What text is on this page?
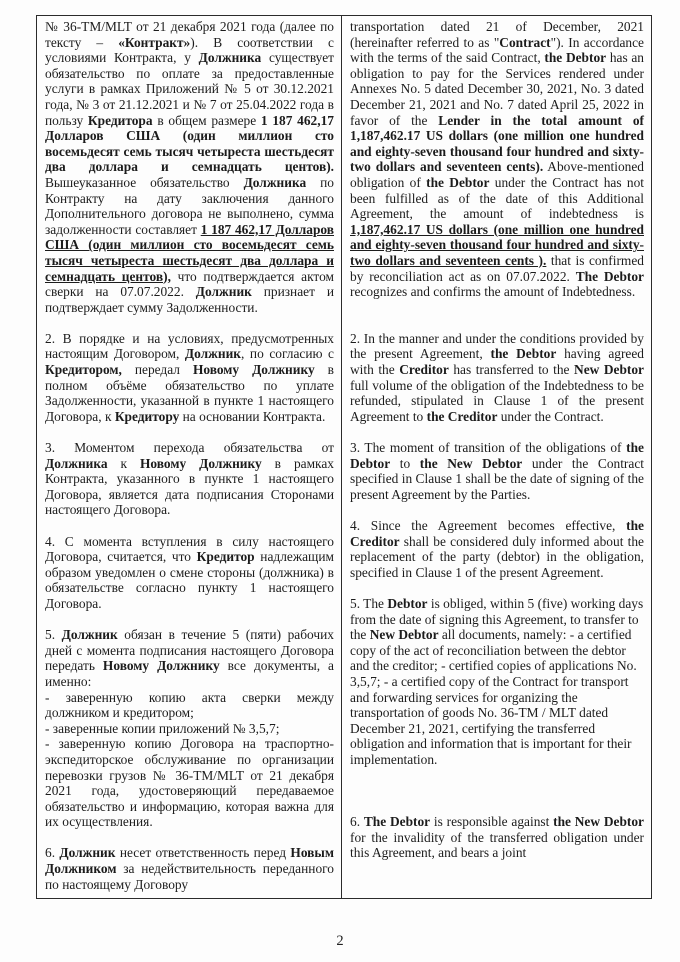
№ 36-TM/MLT от 21 декабря 2021 года (далее по тексту – «Контракт»). В соответствии с условиями Контракта, у Должника существует обязательство по оплате за предоставленные услуги в рамках Приложений № 5 от 30.12.2021 года, № 3 от 21.12.2021 и № 7 от 25.04.2022 года в пользу Кредитора в общем размере 1 187 462,17 Долларов США (один миллион сто восемьдесят семь тысяч четыреста шестьдесят два доллара и семнадцать центов). Вышеуказанное обязательство Должника по Контракту на дату заключения данного Дополнительного договора не выполнено, сумма задолженности составляет 1 187 462,17 Долларов США (один миллион сто восемьдесят семь тысяч четыреста шестьдесят два доллара и семнадцать центов), что подтверждается актом сверки на 07.07.2022. Должник признает и подтверждает сумму Задолженности.

2. В порядке и на условиях, предусмотренных настоящим Договором, Должник, по согласию с Кредитором, передал Новому Должнику в полном объёме обязательство по уплате Задолженности, указанной в пункте 1 настоящего Договора, к Кредитору на основании Контракта.

3. Моментом перехода обязательства от Должника к Новому Должнику в рамках Контракта, указанного в пункте 1 настоящего Договора, является дата подписания Сторонами настоящего Договора.

4. С момента вступления в силу настоящего Договора, считается, что Кредитор надлежащим образом уведомлен о смене стороны (должника) в обязательстве согласно пункту 1 настоящего Договора.

5. Должник обязан в течение 5 (пяти) рабочих дней с момента подписания настоящего Договора передать Новому Должнику все документы, а именно:

- заверенную копию акта сверки между должником и кредитором;

- заверенные копии приложений № 3,5,7;

- заверенную копию Договора на траспортно-экспедиторское обслуживание по организации перевозки грузов № 36-TM/MLT от 21 декабря 2021 года, удостоверяющий передаваемое обязательство и информацию, которая важна для их осуществления.

6. Должник несет ответственность перед Новым Должником за недействительность переданного по настоящему Договору

transportation dated 21 of December, 2021 (hereinafter referred to as "Contract"). In accordance with the terms of the said Contract, the Debtor has an obligation to pay for the Services rendered under Annexes No. 5 dated December 30, 2021, No. 3 dated December 21, 2021 and No. 7 dated April 25, 2022 in favor of the Lender in the total amount of 1,187,462.17 US dollars (one million one hundred and eighty-seven thousand four hundred and sixty-two dollars and seventeen cents). Above-mentioned obligation of the Debtor under the Contract has not been fulfilled as of the date of this Additional Agreement, the amount of indebtedness is 1,187,462.17 US dollars (one million one hundred and eighty-seven thousand four hundred and sixty-two dollars and seventeen cents ). that is confirmed by reconciliation act as on 07.07.2022. The Debtor recognizes and confirms the amount of Indebtedness.

2. In the manner and under the conditions provided by the present Agreement, the Debtor having agreed with the Creditor has transferred to the New Debtor full volume of the obligation of the Indebtedness to be refunded, stipulated in Clause 1 of the present Agreement to the Creditor under the Contract.

3. The moment of transition of the obligations of the Debtor to the New Debtor under the Contract specified in Clause 1 shall be the date of signing of the present Agreement by the Parties.

4. Since the Agreement becomes effective, the Creditor shall be considered duly informed about the replacement of the party (debtor) in the obligation, specified in Clause 1 of the present Agreement.

5. The Debtor is obliged, within 5 (five) working days from the date of signing this Agreement, to transfer to the New Debtor all documents, namely: - a certified copy of the act of reconciliation between the debtor and the creditor; - certified copies of applications No. 3,5,7; - a certified copy of the Contract for transport and forwarding services for organizing the transportation of goods No. 36-TM / MLT dated December 21, 2021, certifying the transferred obligation and information that is important for their implementation.

6. The Debtor is responsible against the New Debtor for the invalidity of the transferred obligation under this Agreement, and bears a joint

2
